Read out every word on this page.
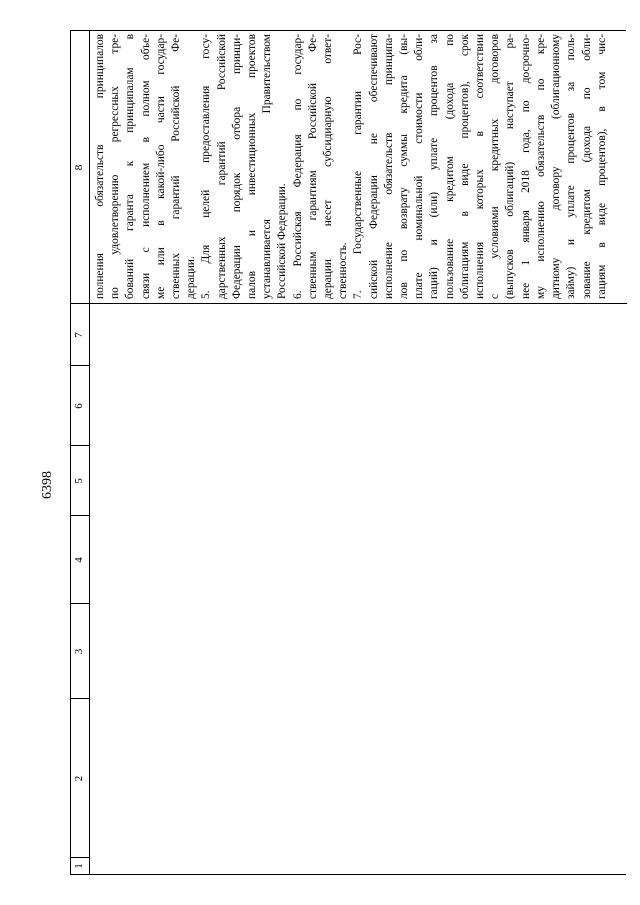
6398
1
2
3
4
5
6
7
8 полнения обязательств принципалов по удовлетворению регрессных тре- бований гаранта к принципалам в связи с исполнением в полном объе- ме или в какой-либо части государ- ственных гарантий Российской Фе- дерации. 5. Для целей предоставления госу- дарственных гарантий Российской Федерации порядок отбора принци- палов и инвестиционных проектов устанавливается Правительством Российской Федерации. 6. Российская Федерация по государ- ственным гарантиям Российской Фе- дерации несет субсидиарную ответ- ственность. 7. Государственные гарантии Рос- сийской Федерации не обеспечивают исполнение обязательств принципа- лов по возврату суммы кредита (вы- плате номинальной стоимости обли- гаций) и (или) уплате процентов за пользование кредитом (дохода по облигациям в виде процентов), срок исполнения которых в соответствии с условиями кредитных договоров (выпусков облигаций) наступает ра- нее 1 января 2018 года, по досрочно- му исполнению обязательств по кре- дитному договору (облигационному займу) и уплате процентов за поль- зование кредитом (дохода по обли- гациям в виде процентов), в том чис-
